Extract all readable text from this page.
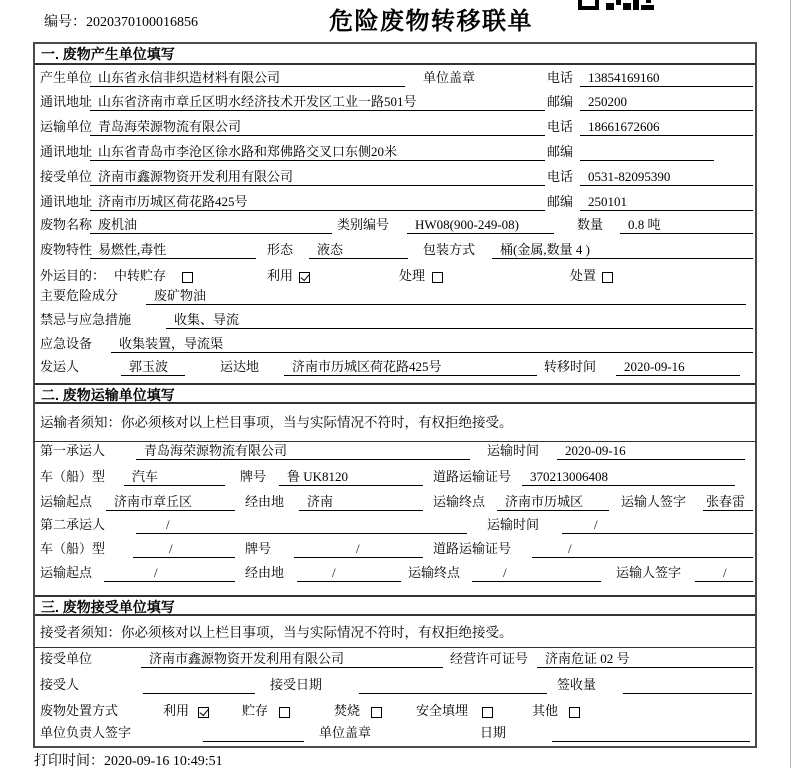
编号：2020370100016856	危险废物转移联单
一. 废物产生单位填写
产生单位 山东省永信非织造材料有限公司	单位盖章	电话	13854169160
通讯地址 山东省济南市章丘区明水经济技术开发区工业一路501号	邮编	250200
运输单位 青岛海荣源物流有限公司	电话	18661672606
通讯地址 山东省青岛市李沧区徐水路和郑佛路交叉口东侧20米	邮编
接受单位 济南市鑫源物资开发利用有限公司	电话	0531-82095390
通讯地址 济南市历城区荷花路425号	邮编	250101
废物名称 废机油	类别编号	HW08(900-249-08)	数量	0.8 吨
废物特性 易燃性,毒性	形态	液态	包装方式	桶(金属,数量 4 )
外运目的： 中转贮存	利用	处理	处置
主要危险成分	废矿物油
禁忌与应急措施	收集、导流
应急设备	收集装置，导流渠
发运人	郭玉波	运达地	济南市历城区荷花路425号	转移时间	2020-09-16
二. 废物运输单位填写
运输者须知：你必须核对以上栏目事项，当与实际情况不符时，有权拒绝接受。
第一承运人	青岛海荣源物流有限公司	运输时间	2020-09-16
车（船）型	汽车	牌号	鲁 UK8120	道路运输证号	370213006408
运输起点	济南市章丘区	经由地	济南	运输终点	济南市历城区	运输人签字 张春雷
第二承运人	/	运输时间	/
车（船）型	/	牌号	/	道路运输证号	/
运输起点	/	经由地	/	运输终点	/	运输人签字	/
三. 废物接受单位填写
接受者须知：你必须核对以上栏目事项，当与实际情况不符时，有权拒绝接受。
接受单位	济南市鑫源物资开发利用有限公司	经营许可证号	济南危证 02 号
接受人	接受日期	签收量
废物处置方式	利用	贮存	焚烧	安全填埋	其他
单位负责人签字	单位盖章	日期
打印时间：2020-09-16 10:49:51
